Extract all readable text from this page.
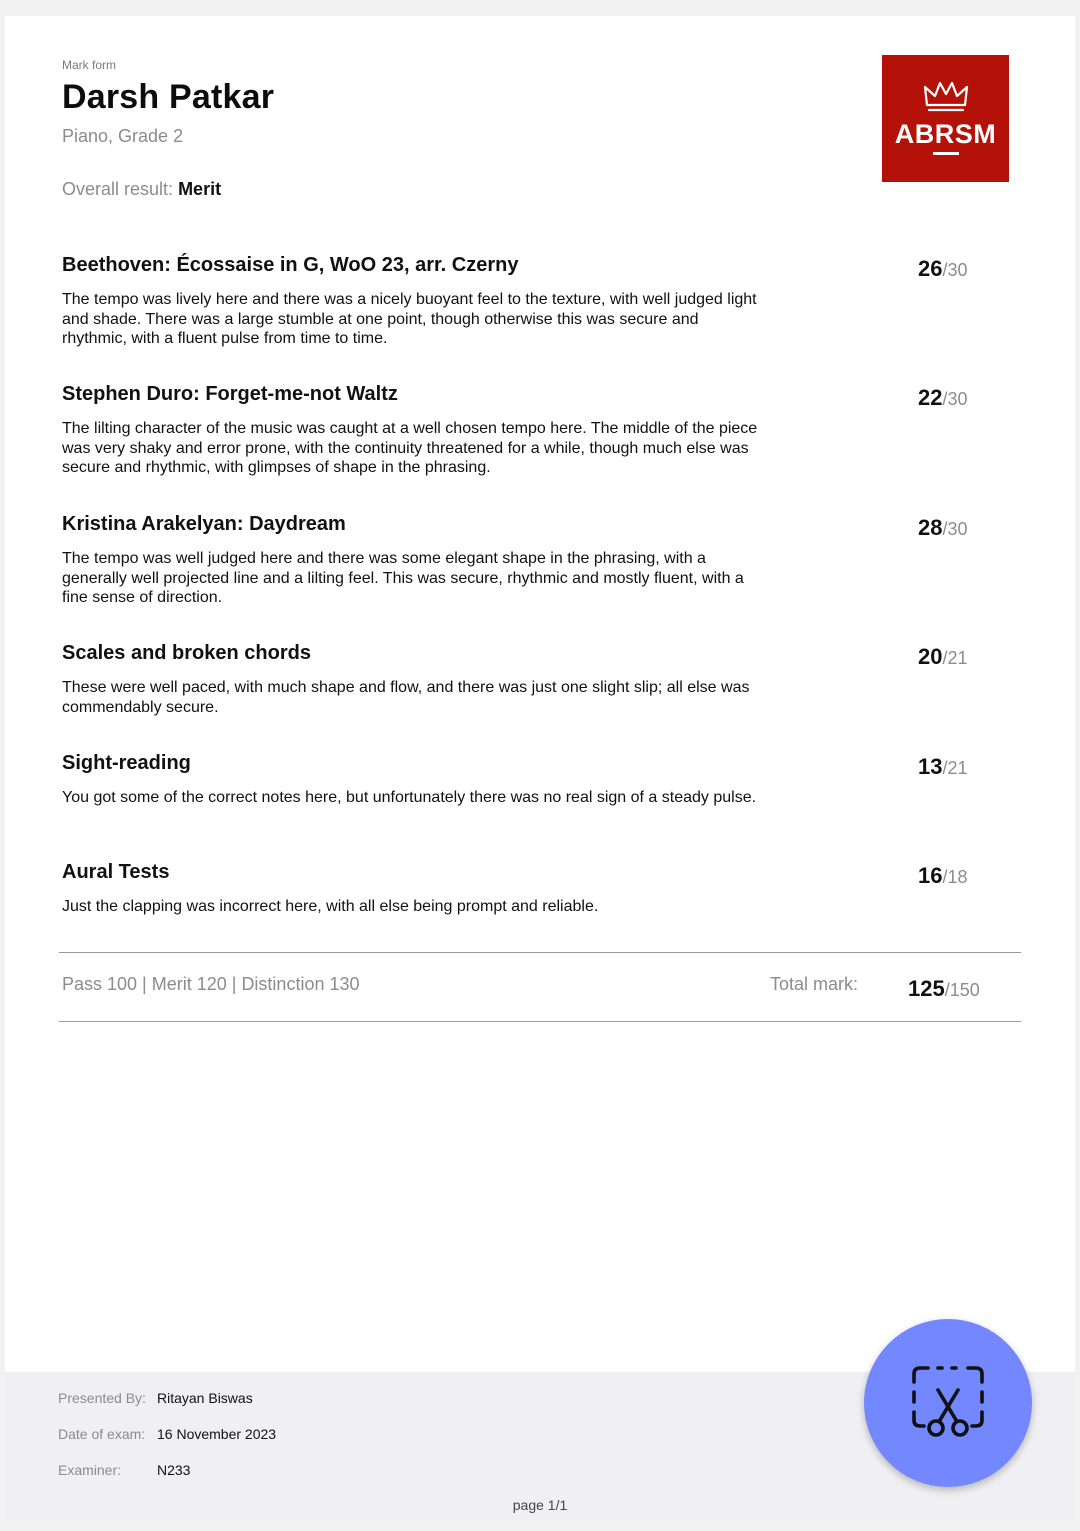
Mark form
Darsh Patkar
Piano, Grade 2
Overall result: Merit
ABRSM
Beethoven: Écossaise in G, WoO 23, arr. Czerny
The tempo was lively here and there was a nicely buoyant feel to the texture, with well judged light and shade. There was a large stumble at one point, though otherwise this was secure and rhythmic, with a fluent pulse from time to time.
26/30
Stephen Duro: Forget-me-not Waltz
The lilting character of the music was caught at a well chosen tempo here. The middle of the piece was very shaky and error prone, with the continuity threatened for a while, though much else was secure and rhythmic, with glimpses of shape in the phrasing.
22/30
Kristina Arakelyan: Daydream
The tempo was well judged here and there was some elegant shape in the phrasing, with a generally well projected line and a lilting feel. This was secure, rhythmic and mostly fluent, with a fine sense of direction.
28/30
Scales and broken chords
These were well paced, with much shape and flow, and there was just one slight slip; all else was commendably secure.
20/21
Sight-reading
You got some of the correct notes here, but unfortunately there was no real sign of a steady pulse.
13/21
Aural Tests
Just the clapping was incorrect here, with all else being prompt and reliable.
16/18
Pass 100 | Merit 120 | Distinction 130	Total mark: 125/150
Presented By: Ritayan Biswas
Date of exam: 16 November 2023
Examiner:	N233
page 1/1
